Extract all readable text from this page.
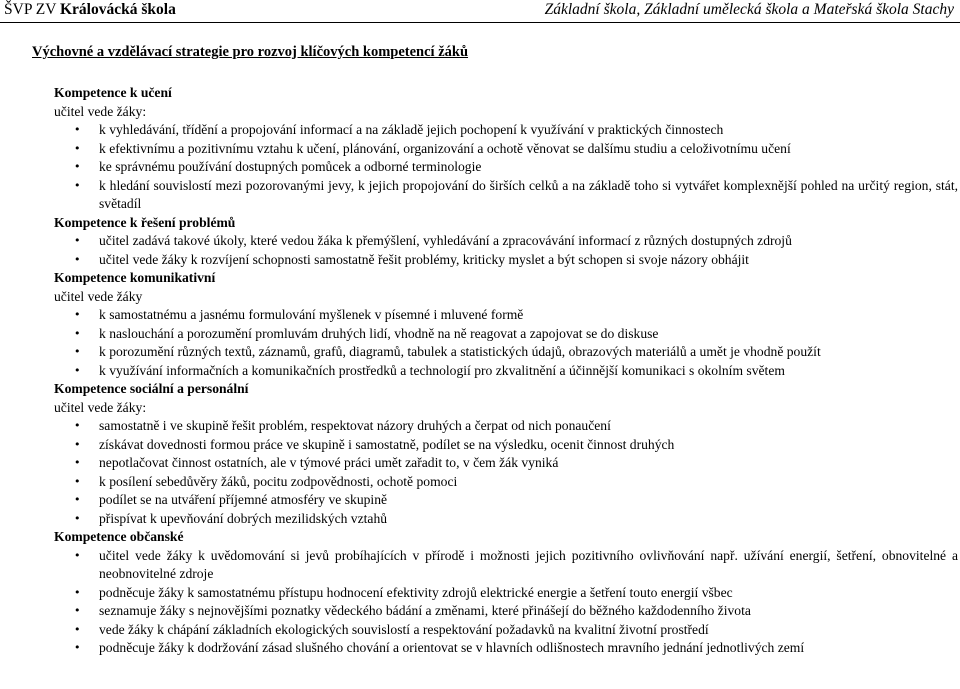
ŠVP ZV Královácká škola	Základní škola, Základní umělecká škola a Mateřská škola Stachy
Výchovné a vzdělávací strategie pro rozvoj klíčových kompetencí žáků
Kompetence k učení
učitel vede žáky:
• k vyhledávání, třídění a propojování informací a na základě jejich pochopení k využívání v praktických činnostech
• k efektivnímu a pozitivnímu vztahu k učení, plánování, organizování a ochotě věnovat se dalšímu studiu a celoživotnímu učení
• ke správnému používání dostupných pomůcek a odborné terminologie
• k hledání souvislostí mezi pozorovanými jevy, k jejich propojování do širších celků a na základě toho si vytvářet komplexnější pohled na určitý region, stát, světadíl
Kompetence k řešení problémů
• učitel zadává takové úkoly, které vedou žáka k přemýšlení, vyhledávání a zpracovávání informací z různých dostupných zdrojů
• učitel vede žáky k rozvíjení schopnosti samostatně řešit problémy, kriticky myslet a být schopen si svoje názory obhájit
Kompetence komunikativní
učitel vede žáky
• k samostatnému a jasnému formulování myšlenek v písemné i mluvené formě
• k naslouchání a porozumění promluvám druhých lidí, vhodně na ně reagovat a zapojovat se do diskuse
• k porozumění různých textů, záznamů, grafů, diagramů, tabulek a statistických údajů, obrazových materiálů a umět je vhodně použít
• k využívání informačních a komunikačních prostředků a technologií pro zkvalitnění a účinnější komunikaci s okolním světem
Kompetence sociální a personální
učitel vede žáky:
• samostatně i ve skupině řešit problém, respektovat názory druhých a čerpat od nich ponaučení
• získávat dovednosti formou práce ve skupině i samostatně, podílet se na výsledku, ocenit činnost druhých
• nepotlačovat činnost ostatních, ale v týmové práci umět zařadit to, v čem žák vyniká
• k posílení sebedůvěry žáků, pocitu zodpovědnosti, ochotě pomoci
• podílet se na utváření příjemné atmosféry ve skupině
• přispívat k upevňování dobrých mezilidských vztahů
Kompetence občanské
• učitel vede žáky k uvědomování si jevů probíhajících v přírodě i možnosti jejich pozitivního ovlivňování např. užívání energií, šetření, obnovitelné a neobnovitelné zdroje
• podněcuje žáky k samostatnému přístupu hodnocení efektivity zdrojů elektrické energie a šetření touto energií všbec
• seznamuje žáky s nejnovějšími poznatky vědeckého bádání a změnami, které přinášejí do běžného každodenního života
• vede žáky k chápání základních ekologických souvislostí a respektování požadavků na kvalitní životní prostředí
• podněcuje žáky k dodržování zásad slušného chování a orientovat se v hlavních odlišnostech mravního jednání jednotlivých zemí
